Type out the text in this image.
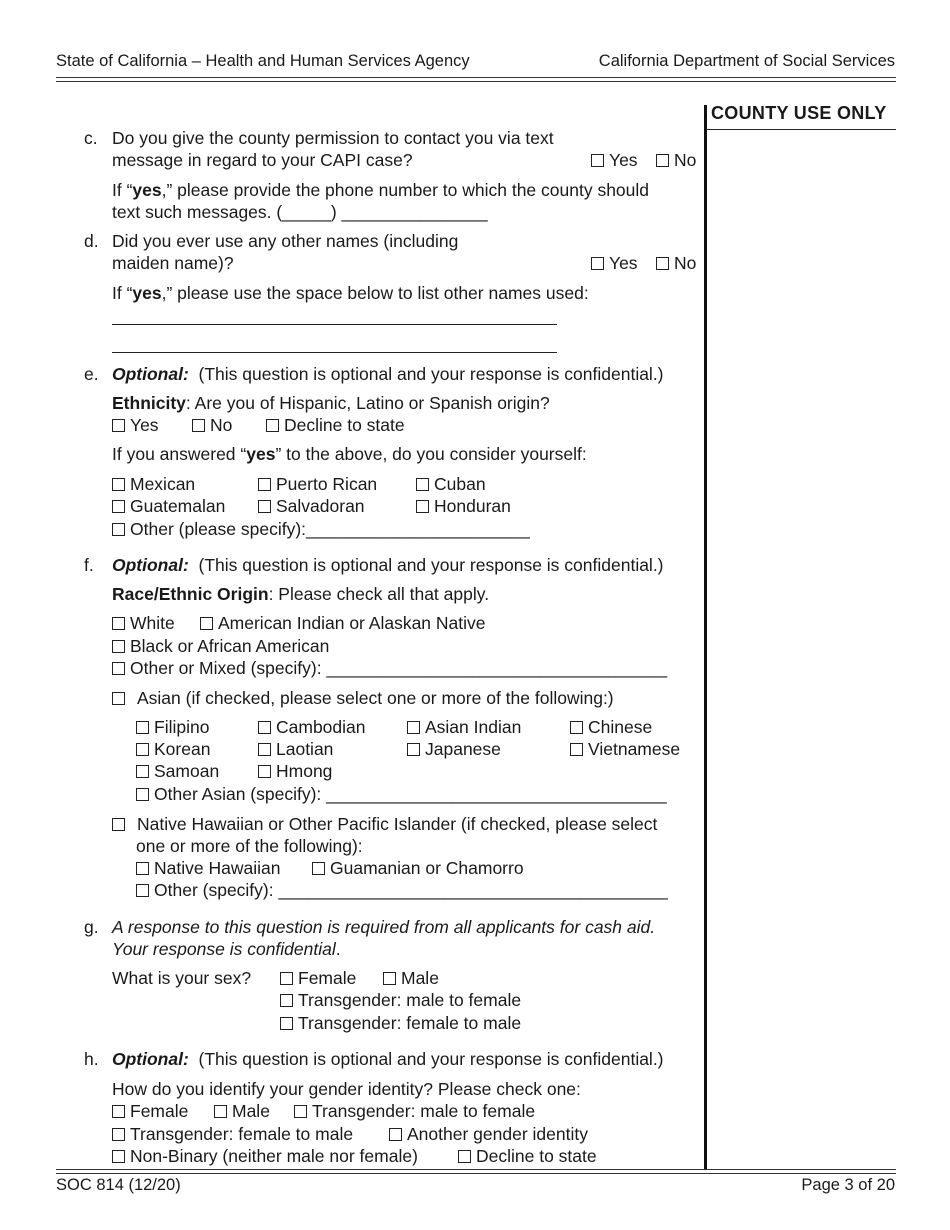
State of California – Health and Human Services Agency	California Department of Social Services
COUNTY USE ONLY
c. Do you give the county permission to contact you via text
message in regard to your CAPI case?	Yes	No
If “yes,” please provide the phone number to which the county should
text such messages. (_____) _______________
d. Did you ever use any other names (including
maiden name)?	Yes	No
If “yes,” please use the space below to list other names used:
e. Optional: (This question is optional and your response is confidential.)
Ethnicity: Are you of Hispanic, Latino or Spanish origin?
Yes	No	Decline to state
If you answered “yes” to the above, do you consider yourself:
Mexican	Puerto Rican	Cuban
Guatemalan	Salvadoran	Honduran
Other (please specify):_______________________
f. Optional: (This question is optional and your response is confidential.)
Race/Ethnic Origin: Please check all that apply.
White	American Indian or Alaskan Native
Black or African American
Other or Mixed (specify): ___________________________________
Asian (if checked, please select one or more of the following:)
Filipino	Cambodian	Asian Indian	Chinese
Korean	Laotian	Japanese	Vietnamese
Samoan	Hmong
Other Asian (specify): ___________________________________
Native Hawaiian or Other Pacific Islander (if checked, please select
one or more of the following):
Native Hawaiian	Guamanian or Chamorro
Other (specify): ________________________________________
g. A response to this question is required from all applicants for cash aid.
Your response is confidential.
What is your sex?	Female	Male
Transgender: male to female
Transgender: female to male
h. Optional: (This question is optional and your response is confidential.)
How do you identify your gender identity? Please check one:
Female	Male	Transgender: male to female
Transgender: female to male	Another gender identity
Non-Binary (neither male nor female)	Decline to state
SOC 814 (12/20)	Page 3 of 20
